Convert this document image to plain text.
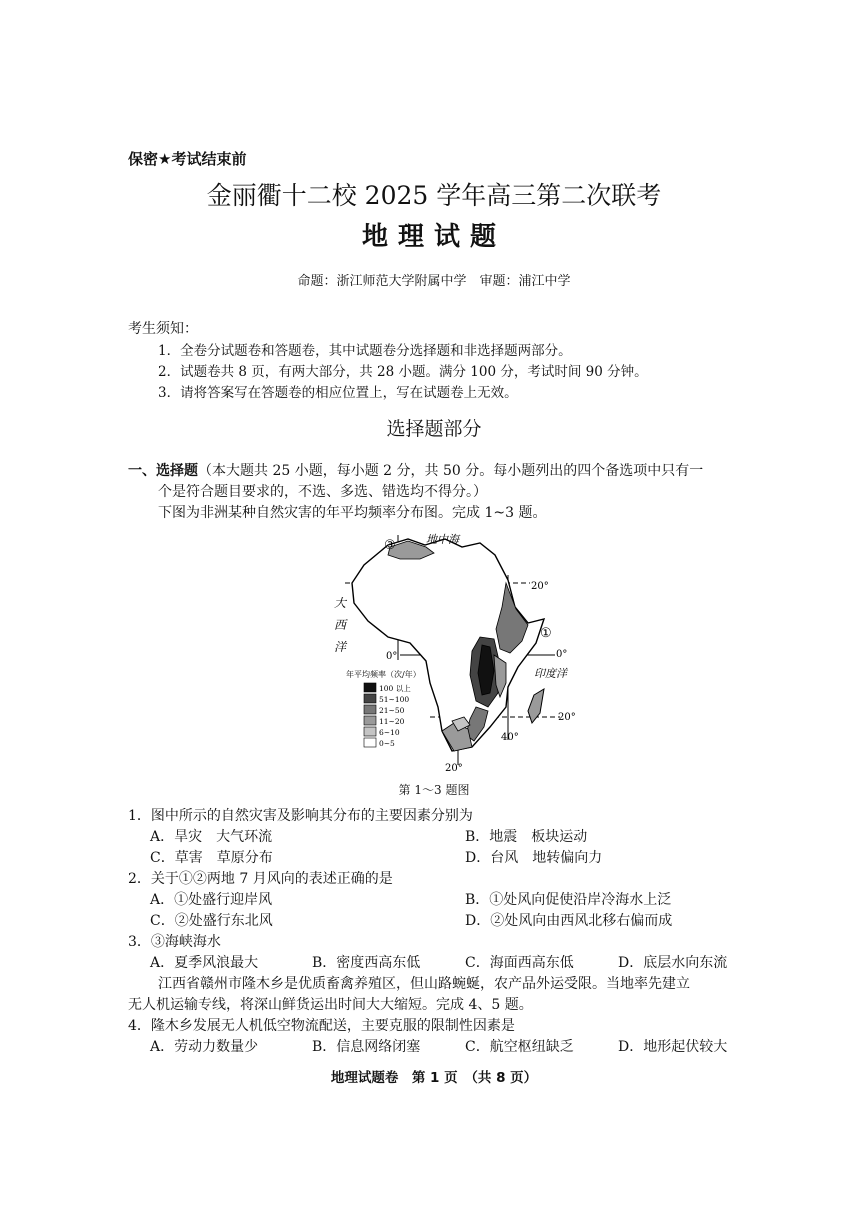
保密★考试结束前
金丽衢十二校 2025 学年高三第二次联考
地理试题
命题：浙江师范大学附属中学　审题：浦江中学
考生须知：
1．全卷分试题卷和答题卷，其中试题卷分选择题和非选择题两部分。
2．试题卷共 8 页，有两大部分，共 28 小题。满分 100 分，考试时间 90 分钟。
3．请将答案写在答题卷的相应位置上，写在试题卷上无效。
选择题部分
一、选择题（本大题共 25 小题，每小题 2 分，共 50 分。每小题列出的四个备选项中只有一
个是符合题目要求的，不选、多选、错选均不得分。）
下图为非洲某种自然灾害的年平均频率分布图。完成 1~3 题。
地中海
大
西
洋
印度洋
20°
0°
20°
0°
20°
40°
①
③
年平均频率（次/年）
100 以上
51~100
21~50
11~20
6~10
0~5
第 1～3 题图
1．图中所示的自然灾害及影响其分布的主要因素分别为
A．旱灾　大气环流	B．地震　板块运动
C．草害　草原分布	D．台风　地转偏向力
2．关于①②两地 7 月风向的表述正确的是
A．①处盛行迎岸风	B．①处风向促使沿岸冷海水上泛
C．②处盛行东北风	D．②处风向由西风北移右偏而成
3．③海峡海水
A．夏季风浪最大	B．密度西高东低	C．海面西高东低	D．底层水向东流
江西省赣州市隆木乡是优质畜禽养殖区，但山路蜿蜒，农产品外运受限。当地率先建立
无人机运输专线，将深山鲜货运出时间大大缩短。完成 4、5 题。
4．隆木乡发展无人机低空物流配送，主要克服的限制性因素是
A．劳动力数量少	B．信息网络闭塞	C．航空枢纽缺乏	D．地形起伏较大
地理试题卷　第 1 页　（共 8 页）
